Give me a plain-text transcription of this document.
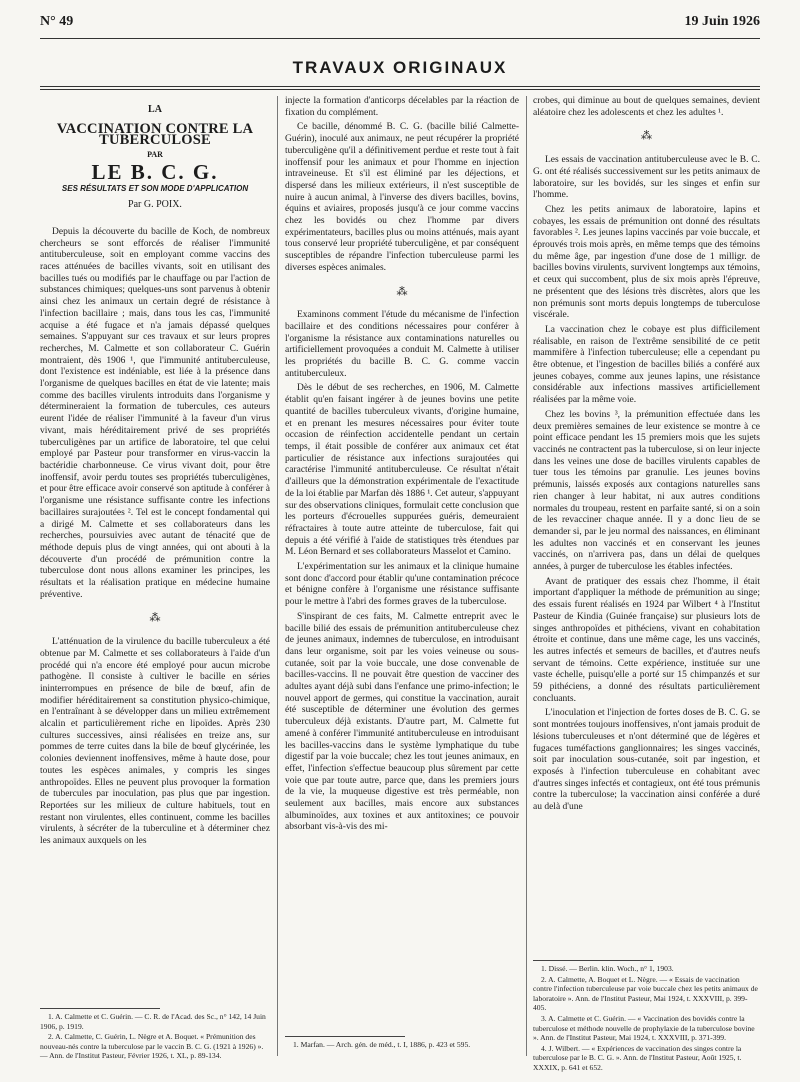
N° 49	19 Juin 1926
TRAVAUX ORIGINAUX
LA
VACCINATION CONTRE LA TUBERCULOSE
PAR
LE B. C. G.
SES RÉSULTATS ET SON MODE D'APPLICATION
Par G. POIX.

Depuis la découverte du bacille de Koch, de nombreux chercheurs se sont efforcés de réaliser l'immunité antituberculeuse, soit en employant comme vaccins des races atténuées de bacilles vivants, soit en utilisant des bacilles tués ou modifiés par le chauffage ou par l'action de substances chimiques; quelques-uns sont parvenus à obtenir ainsi chez les animaux un certain degré de résistance à l'infection bacillaire ; mais, dans tous les cas, l'immunité acquise a été fugace et n'a jamais dépassé quelques semaines. S'appuyant sur ces travaux et sur leurs propres recherches, M. Calmette et son collaborateur C. Guérin montraient, dès 1906 ¹, que l'immunité antituberculeuse, dont l'existence est indéniable, est liée à la présence dans l'organisme de quelques bacilles en état de vie latente; mais comme des bacilles virulents introduits dans l'organisme y détermineraient la formation de tubercules, ces auteurs eurent l'idée de réaliser l'immunité à la faveur d'un virus vivant, mais héréditairement privé de ses propriétés tuberculigènes par un artifice de laboratoire, tel que celui employé par Pasteur pour transformer en virus-vaccin la bactéridie charbonneuse. Ce virus vivant doit, pour être inoffensif, avoir perdu toutes ses propriétés tuberculigènes, et pour être efficace avoir conservé son aptitude à conférer à l'organisme une résistance suffisante contre les infections bacillaires surajoutées ². Tel est le concept fondamental qui a dirigé M. Calmette et ses collaborateurs dans les recherches, poursuivies avec autant de ténacité que de méthode depuis plus de vingt années, qui ont abouti à la découverte d'un procédé de prémunition contre la tuberculose dont nous allons examiner les principes, les résultats et la réalisation pratique en médecine humaine préventive.

⁂

L'atténuation de la virulence du bacille tuberculeux a été obtenue par M. Calmette et ses collaborateurs à l'aide d'un procédé qui n'a encore été employé pour aucun microbe pathogène. Il consiste à cultiver le bacille en séries ininterrompues en présence de bile de bœuf, afin de modifier héréditairement sa constitution physico-chimique, en l'entraînant à se développer dans un milieu extrêmement alcalin et particulièrement riche en lipoïdes. Après 230 cultures successives, ainsi réalisées en treize ans, sur pommes de terre cuites dans la bile de bœuf glycérinée, les colonies deviennent inoffensives, même à haute dose, pour toutes les espèces animales, y compris les singes anthropoïdes. Elles ne peuvent plus provoquer la formation de tubercules par inoculation, pas plus que par ingestion. Reportées sur les milieux de culture habituels, tout en restant non virulentes, elles continuent, comme les bacilles virulents, à sécréter de la tuberculine et à déterminer chez les animaux auxquels on les

injecte la formation d'anticorps décelables par la réaction de fixation du complément.

Ce bacille, dénommé B. C. G. (bacille bilié Calmette-Guérin), inoculé aux animaux, ne peut récupérer la propriété tuberculigène qu'il a définitivement perdue et reste tout à fait inoffensif pour les animaux et pour l'homme en injection intraveineuse. Et s'il est éliminé par les déjections, et dispersé dans les milieux extérieurs, il n'est susceptible de nuire à aucun animal, à l'inverse des divers bacilles, bovins, équins et aviaires, proposés jusqu'à ce jour comme vaccins chez les bovidés ou chez l'homme par divers expérimentateurs, bacilles plus ou moins atténués, mais ayant tous conservé leur propriété tuberculigène, et par conséquent susceptibles de répandre l'infection tuberculeuse parmi les diverses espèces animales.

⁂

Examinons comment l'étude du mécanisme de l'infection bacillaire et des conditions nécessaires pour conférer à l'organisme la résistance aux contaminations naturelles ou artificiellement provoquées a conduit M. Calmette à utiliser les propriétés du bacille B. C. G. comme vaccin antituberculeux.

Dès le début de ses recherches, en 1906, M. Calmette établit qu'en faisant ingérer à de jeunes bovins une petite quantité de bacilles tuberculeux vivants, d'origine humaine, et en prenant les mesures nécessaires pour éviter toute occasion de réinfection accidentelle pendant un certain temps, il était possible de conférer aux animaux cet état particulier de résistance aux infections surajoutées qui caractérise l'immunité antituberculeuse. Ce résultat n'était d'ailleurs que la démonstration expérimentale de l'exactitude de la loi établie par Marfan dès 1886 ¹. Cet auteur, s'appuyant sur des observations cliniques, formulait cette conclusion que les porteurs d'écrouelles suppurées guéris, demeuraient réfractaires à toute autre atteinte de tuberculose, fait qui depuis a été vérifié à l'aide de statistiques très étendues par M. Léon Bernard et ses collaborateurs Masselot et Camino.

L'expérimentation sur les animaux et la clinique humaine sont donc d'accord pour établir qu'une contamination précoce et bénigne confère à l'organisme une résistance suffisante pour le mettre à l'abri des formes graves de la tuberculose.

S'inspirant de ces faits, M. Calmette entreprit avec le bacille bilié des essais de prémunition antituberculeuse chez de jeunes animaux, indemnes de tuberculose, en introduisant dans leur organisme, soit par les voies veineuse ou sous-cutanée, soit par la voie buccale, une dose convenable de bacilles-vaccins. Il ne pouvait être question de vacciner des adultes ayant déjà subi dans l'enfance une primo-infection; le nouvel apport de germes, qui constitue la vaccination, aurait été susceptible de déterminer une évolution des germes tuberculeux déjà existants. D'autre part, M. Calmette fut amené à conférer l'immunité antituberculeuse en introduisant les bacilles-vaccins dans le système lymphatique du tube digestif par la voie buccale; chez les tout jeunes animaux, en effet, l'infection s'effectue beaucoup plus sûrement par cette voie que par toute autre, parce que, dans les premiers jours de la vie, la muqueuse digestive est très perméable, non seulement aux bacilles, mais encore aux substances albuminoïdes, aux toxines et aux antitoxines; ce pouvoir absorbant vis-à-vis des mi-

crobes, qui diminue au bout de quelques semaines, devient aléatoire chez les adolescents et chez les adultes ¹.

⁂

Les essais de vaccination antituberculeuse avec le B. C. G. ont été réalisés successivement sur les petits animaux de laboratoire, sur les bovidés, sur les singes et enfin sur l'homme.

Chez les petits animaux de laboratoire, lapins et cobayes, les essais de prémunition ont donné des résultats favorables ². Les jeunes lapins vaccinés par voie buccale, et éprouvés trois mois après, en même temps que des témoins du même âge, par ingestion d'une dose de 1 milligr. de bacilles bovins virulents, survivent longtemps aux témoins, et ceux qui succombent, plus de six mois après l'épreuve, ne présentent que des lésions très discrètes, alors que les non prémunis sont morts depuis longtemps de tuberculose viscérale.

La vaccination chez le cobaye est plus difficilement réalisable, en raison de l'extrême sensibilité de ce petit mammifère à l'infection tuberculeuse; elle a cependant pu être obtenue, et l'ingestion de bacilles biliés a conféré aux jeunes cobayes, comme aux jeunes lapins, une résistance considérable aux infections massives artificiellement réalisées par la même voie.

Chez les bovins ³, la prémunition effectuée dans les deux premières semaines de leur existence se montre à ce point efficace pendant les 15 premiers mois que les sujets vaccinés ne contractent pas la tuberculose, si on leur injecte dans les veines une dose de bacilles virulents capables de tuer tous les témoins par granulie. Les jeunes bovins prémunis, laissés exposés aux contagions naturelles sans rien changer à leur habitat, ni aux autres conditions normales du troupeau, restent en parfaite santé, si on a soin de les revacciner chaque année. Il y a donc lieu de se demander si, par le jeu normal des naissances, en éliminant les adultes non vaccinés et en conservant les jeunes vaccinés, on n'arrivera pas, dans un délai de quelques années, à purger de tuberculose les étables infectées.

Avant de pratiquer des essais chez l'homme, il était important d'appliquer la méthode de prémunition au singe; des essais furent réalisés en 1924 par Wilbert ⁴ à l'Institut Pasteur de Kindia (Guinée française) sur plusieurs lots de singes anthropoïdes et pithéciens, vivant en cohabitation étroite et continue, dans une même cage, les uns vaccinés, les autres infectés et semeurs de bacilles, et d'autres neufs servant de témoins. Cette expérience, instituée sur une vaste échelle, puisqu'elle a porté sur 15 chimpanzés et sur 59 pithéciens, a donné des résultats particulièrement concluants.

L'inoculation et l'injection de fortes doses de B. C. G. se sont montrées toujours inoffensives, n'ont jamais produit de lésions tuberculeuses et n'ont déterminé que de légères et fugaces tuméfactions ganglionnaires; les singes vaccinés, soit par inoculation sous-cutanée, soit par ingestion, et exposés à l'infection tuberculeuse en cohabitant avec d'autres singes infectés et contagieux, ont été tous prémunis contre la tuberculose; la vaccination ainsi conférée a duré au delà d'une

1. A. Calmette et C. Guérin. — C. R. de l'Acad. des Sc., n° 142, 14 Juin 1906, p. 1919.

2. A. Calmette, C. Guérin, L. Nègre et A. Boquet. « Prémunition des nouveau-nés contre la tuberculose par le vaccin B. C. G. (1921 à 1926) ». — Ann. de l'Institut Pasteur, Février 1926, t. XL, p. 89-134.

1. Marfan. — Arch. gén. de méd., t. I, 1886, p. 423 et 595.

1. Dissé. — Berlin. klin. Woch., n° 1, 1903.

2. A. Calmette, A. Boquet et L. Nègre. — « Essais de vaccination contre l'infection tuberculeuse par voie buccale chez les petits animaux de laboratoire ». Ann. de l'Institut Pasteur, Mai 1924, t. XXXVIII, p. 399-405.

3. A. Calmette et C. Guérin. — « Vaccination des bovidés contre la tuberculose et méthode nouvelle de prophylaxie de la tuberculose bovine ». Ann. de l'Institut Pasteur, Mai 1924, t. XXXVIII, p. 371-399.

4. J. Wilbert. — « Expériences de vaccination des singes contre la tuberculose par le B. C. G. ». Ann. de l'Institut Pasteur, Août 1925, t. XXXIX, p. 641 et 652.
